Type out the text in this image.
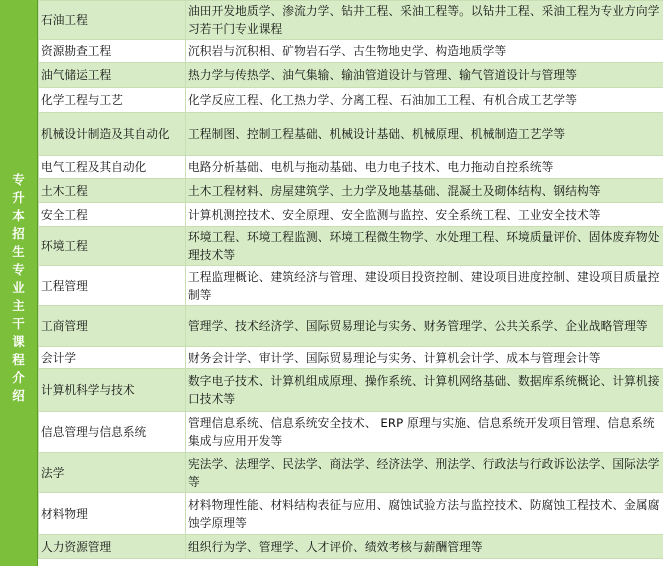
专升本招生专业主干课程介绍
石油工程	油田开发地质学、渗流力学、钻井工程、采油工程等。以钻井工程、采油工程为专业方向学习若干门专业课程
资源勘查工程	沉积岩与沉积相、矿物岩石学、古生物地史学、构造地质学等
油气储运工程	热力学与传热学、油气集输、输油管道设计与管理、输气管道设计与管理等
化学工程与工艺	化学反应工程、化工热力学、分离工程、石油加工工程、有机合成工艺学等
机械设计制造及其自动化	工程制图、控制工程基础、机械设计基础、机械原理、机械制造工艺学等
电气工程及其自动化	电路分析基础、电机与拖动基础、电力电子技术、电力拖动自控系统等
土木工程	土木工程材料、房屋建筑学、土力学及地基基础、混凝土及砌体结构、钢结构等
安全工程	计算机测控技术、安全原理、安全监测与监控、安全系统工程、工业安全技术等
环境工程	环境工程、环境工程监测、环境工程微生物学、水处理工程、环境质量评价、固体废弃物处理技术等
工程管理	工程监理概论、建筑经济与管理、建设项目投资控制、建设项目进度控制、建设项目质量控制等
工商管理	管理学、技术经济学、国际贸易理论与实务、财务管理学、公共关系学、企业战略管理等
会计学	财务会计学、审计学、国际贸易理论与实务、计算机会计学、成本与管理会计等
计算机科学与技术	数字电子技术、计算机组成原理、操作系统、计算机网络基础、数据库系统概论、计算机接口技术等
信息管理与信息系统	管理信息系统、信息系统安全技术、 ERP 原理与实施、信息系统开发项目管理、信息系统集成与应用开发等
法学	宪法学、法理学、民法学、商法学、经济法学、刑法学、行政法与行政诉讼法学、国际法学等
材料物理	材料物理性能、材料结构表征与应用、腐蚀试验方法与监控技术、防腐蚀工程技术、金属腐蚀学原理等
人力资源管理	组织行为学、管理学、人才评价、绩效考核与薪酬管理等
